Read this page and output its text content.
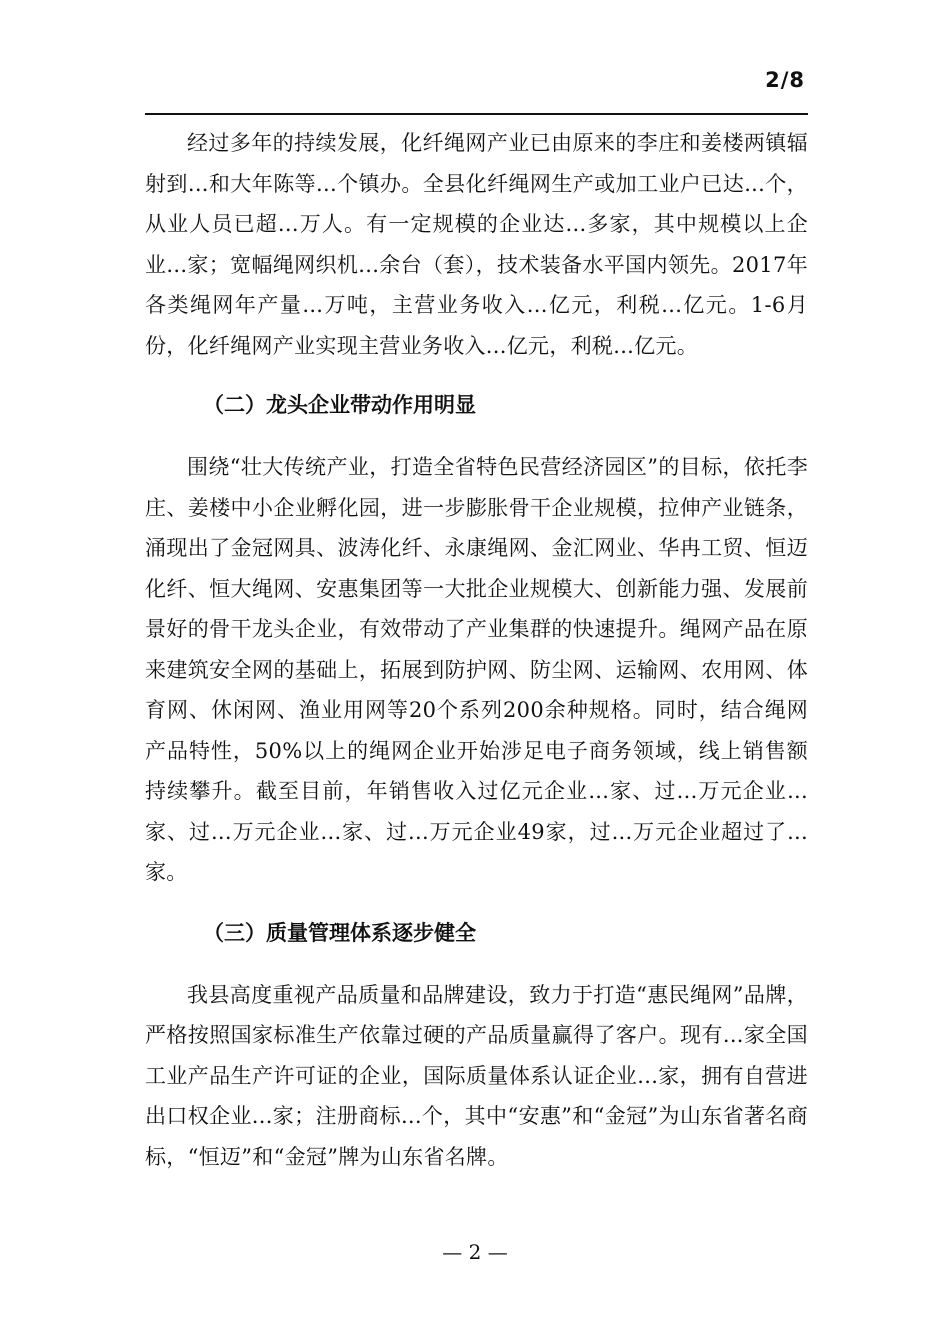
2/8

经过多年的持续发展，化纤绳网产业已由原来的李庄和姜楼两镇辐射到...和大年陈等...个镇办。全县化纤绳网生产或加工业户已达...个，从业人员已超...万人。有一定规模的企业达...多家，其中规模以上企业...家；宽幅绳网织机...余台（套），技术装备水平国内领先。2017年各类绳网年产量...万吨，主营业务收入...亿元，利税...亿元。1-6月份，化纤绳网产业实现主营业务收入...亿元，利税...亿元。

（二）龙头企业带动作用明显

围绕“壮大传统产业，打造全省特色民营经济园区”的目标，依托李庄、姜楼中小企业孵化园，进一步膨胀骨干企业规模，拉伸产业链条，涌现出了金冠网具、波涛化纤、永康绳网、金汇网业、华冉工贸、恒迈化纤、恒大绳网、安惠集团等一大批企业规模大、创新能力强、发展前景好的骨干龙头企业，有效带动了产业集群的快速提升。绳网产品在原来建筑安全网的基础上，拓展到防护网、防尘网、运输网、农用网、体育网、休闲网、渔业用网等20个系列200余种规格。同时，结合绳网产品特性，50%以上的绳网企业开始涉足电子商务领域，线上销售额持续攀升。截至目前，年销售收入过亿元企业...家、过...万元企业...家、过...万元企业...家、过...万元企业49家，过...万元企业超过了...家。

（三）质量管理体系逐步健全

我县高度重视产品质量和品牌建设，致力于打造“惠民绳网”品牌，严格按照国家标准生产依靠过硬的产品质量赢得了客户。现有...家全国工业产品生产许可证的企业，国际质量体系认证企业...家，拥有自营进出口权企业...家；注册商标...个，其中“安惠”和“金冠”为山东省著名商标，“恒迈”和“金冠”牌为山东省名牌。

— 2 —
